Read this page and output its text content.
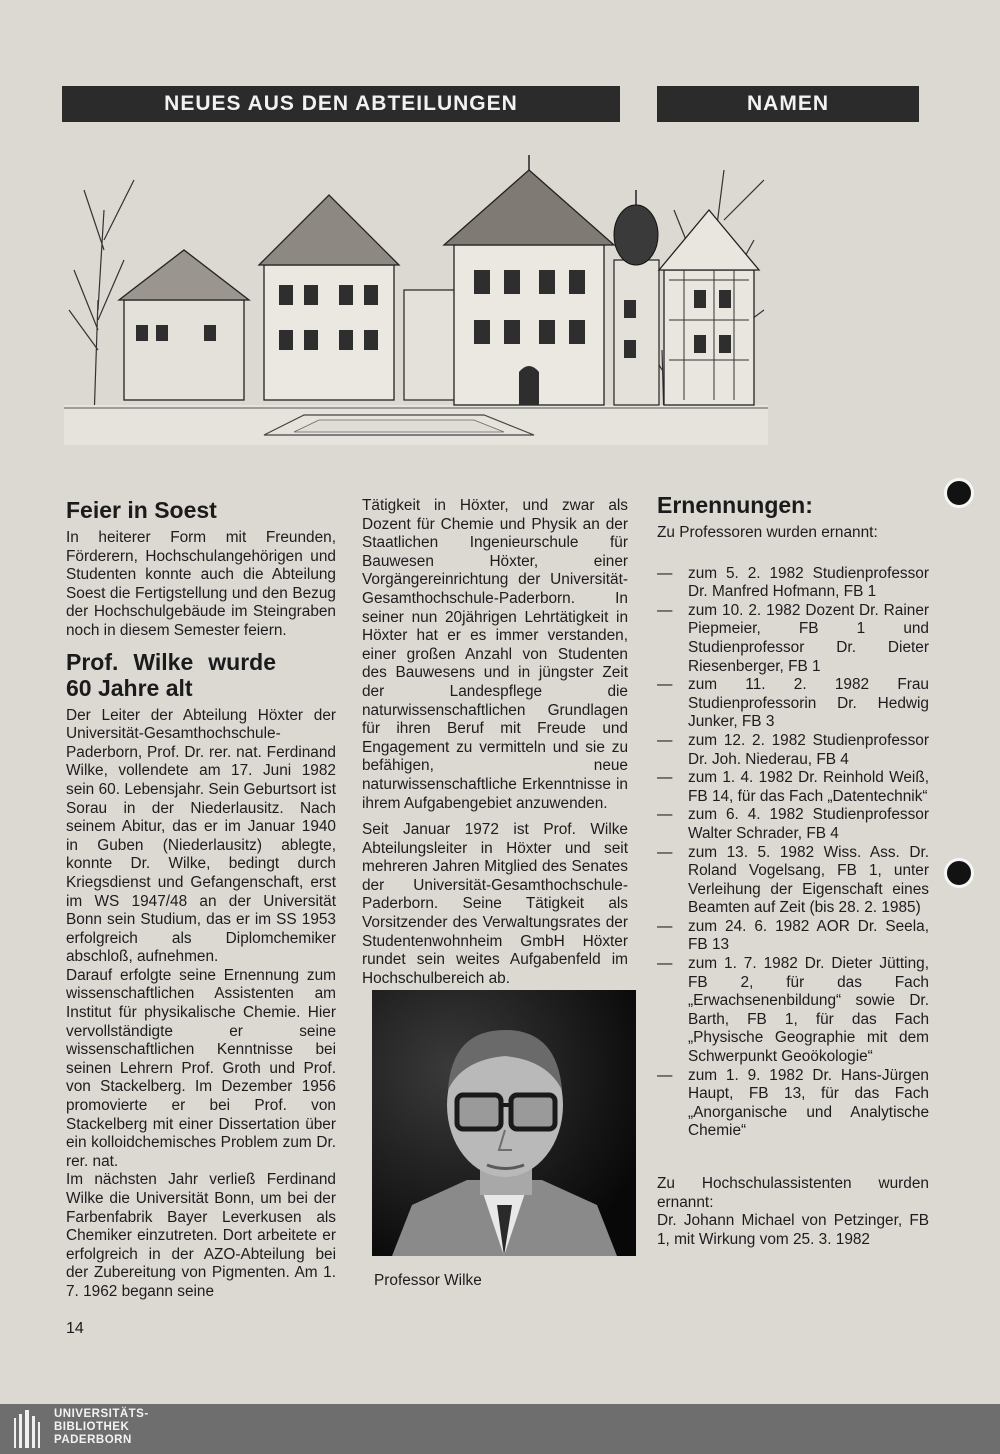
NEUES AUS DEN ABTEILUNGEN	NAMEN
Feier in Soest

In heiterer Form mit Freunden, Förderern, Hochschulangehörigen und Studenten konnte auch die Abteilung Soest die Fertigstellung und den Bezug der Hochschulgebäude im Steingraben noch in diesem Semester feiern.

Prof. Wilke wurde 60 Jahre alt

Der Leiter der Abteilung Höxter der Universität-Gesamthochschule-Paderborn, Prof. Dr. rer. nat. Ferdinand Wilke, vollendete am 17. Juni 1982 sein 60. Lebensjahr. Sein Geburtsort ist Sorau in der Niederlausitz. Nach seinem Abitur, das er im Januar 1940 in Guben (Niederlausitz) ablegte, konnte Dr. Wilke, bedingt durch Kriegsdienst und Gefangenschaft, erst im WS 1947/48 an der Universität Bonn sein Studium, das er im SS 1953 erfolgreich als Diplomchemiker abschloß, aufnehmen.

Darauf erfolgte seine Ernennung zum wissenschaftlichen Assistenten am Institut für physikalische Chemie. Hier vervollständigte er seine wissenschaftlichen Kenntnisse bei seinen Lehrern Prof. Groth und Prof. von Stackelberg. Im Dezember 1956 promovierte er bei Prof. von Stackelberg mit einer Dissertation über ein kolloidchemisches Problem zum Dr. rer. nat.

Im nächsten Jahr verließ Ferdinand Wilke die Universität Bonn, um bei der Farbenfabrik Bayer Leverkusen als Chemiker einzutreten. Dort arbeitete er erfolgreich in der AZO-Abteilung bei der Zubereitung von Pigmenten. Am 1. 7. 1962 begann seine

Tätigkeit in Höxter, und zwar als Dozent für Chemie und Physik an der Staatlichen Ingenieurschule für Bauwesen Höxter, einer Vorgängereinrichtung der Universität-Gesamthochschule-Paderborn. In seiner nun 20jährigen Lehrtätigkeit in Höxter hat er es immer verstanden, einer großen Anzahl von Studenten des Bauwesens und in jüngster Zeit der Landespflege die naturwissenschaftlichen Grundlagen für ihren Beruf mit Freude und Engagement zu vermitteln und sie zu befähigen, neue naturwissenschaftliche Erkenntnisse in ihrem Aufgabengebiet anzuwenden.

Seit Januar 1972 ist Prof. Wilke Abteilungsleiter in Höxter und seit mehreren Jahren Mitglied des Senates der Universität-Gesamthochschule-Paderborn. Seine Tätigkeit als Vorsitzender des Verwaltungsrates der Studentenwohnheim GmbH Höxter rundet sein weites Aufgabenfeld im Hochschulbereich ab.

Professor Wilke
Ernennungen:

Zu Professoren wurden ernannt:

— zum 5. 2. 1982 Studienprofessor Dr. Manfred Hofmann, FB 1
— zum 10. 2. 1982 Dozent Dr. Rainer Piepmeier, FB 1 und Studienprofessor Dr. Dieter Riesenberger, FB 1
— zum 11. 2. 1982 Frau Studienprofessorin Dr. Hedwig Junker, FB 3
— zum 12. 2. 1982 Studienprofessor Dr. Joh. Niederau, FB 4
— zum 1. 4. 1982 Dr. Reinhold Weiß, FB 14, für das Fach „Datentechnik“
— zum 6. 4. 1982 Studienprofessor Walter Schrader, FB 4
— zum 13. 5. 1982 Wiss. Ass. Dr. Roland Vogelsang, FB 1, unter Verleihung der Eigenschaft eines Beamten auf Zeit (bis 28. 2. 1985)
— zum 24. 6. 1982 AOR Dr. Seela, FB 13
— zum 1. 7. 1982 Dr. Dieter Jütting, FB 2, für das Fach „Erwachsenenbildung“ sowie Dr. Barth, FB 1, für das Fach „Physische Geographie mit dem Schwerpunkt Geoökologie“
— zum 1. 9. 1982 Dr. Hans-Jürgen Haupt, FB 13, für das Fach „Anorganische und Analytische Chemie“

Zu Hochschulassistenten wurden ernannt:

Dr. Johann Michael von Petzinger, FB 1, mit Wirkung vom 25. 3. 1982

14
UNIVERSITÄTS-
BIBLIOTHEK
PADERBORN
